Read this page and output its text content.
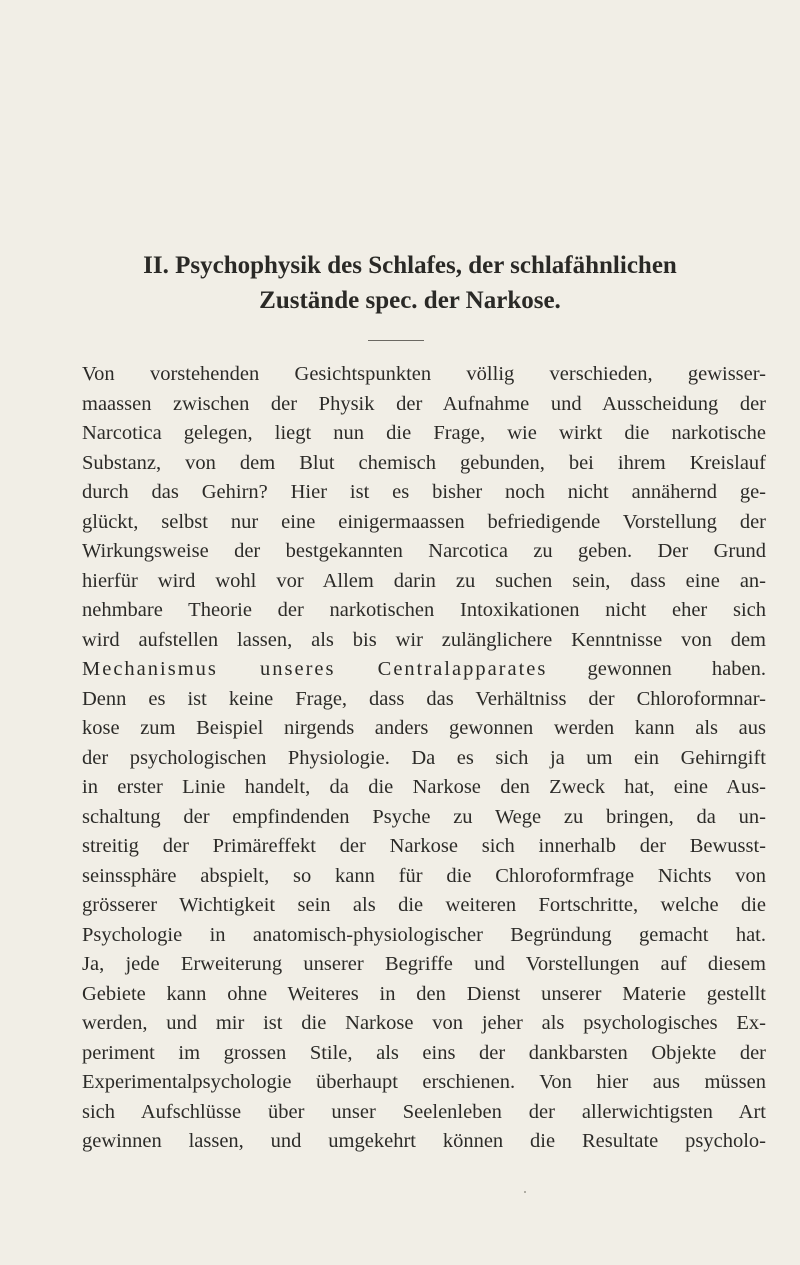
II. Psychophysik des Schlafes, der schlafähnlichen
Zustände spec. der Narkose.
Von vorstehenden Gesichtspunkten völlig verschieden, gewisser-
maassen zwischen der Physik der Aufnahme und Ausscheidung der
Narcotica gelegen, liegt nun die Frage, wie wirkt die narkotische
Substanz, von dem Blut chemisch gebunden, bei ihrem Kreislauf
durch das Gehirn? Hier ist es bisher noch nicht annähernd ge-
glückt, selbst nur eine einigermaassen befriedigende Vorstellung der
Wirkungsweise der bestgekannten Narcotica zu geben. Der Grund
hierfür wird wohl vor Allem darin zu suchen sein, dass eine an-
nehmbare Theorie der narkotischen Intoxikationen nicht eher sich
wird aufstellen lassen, als bis wir zulänglichere Kenntnisse von dem
Mechanismus unseres Centralapparates gewonnen haben.
Denn es ist keine Frage, dass das Verhältniss der Chloroformnar-
kose zum Beispiel nirgends anders gewonnen werden kann als aus
der psychologischen Physiologie. Da es sich ja um ein Gehirngift
in erster Linie handelt, da die Narkose den Zweck hat, eine Aus-
schaltung der empfindenden Psyche zu Wege zu bringen, da un-
streitig der Primäreffekt der Narkose sich innerhalb der Bewusst-
seinssphäre abspielt, so kann für die Chloroformfrage Nichts von
grösserer Wichtigkeit sein als die weiteren Fortschritte, welche die
Psychologie in anatomisch-physiologischer Begründung gemacht hat.
Ja, jede Erweiterung unserer Begriffe und Vorstellungen auf diesem
Gebiete kann ohne Weiteres in den Dienst unserer Materie gestellt
werden, und mir ist die Narkose von jeher als psychologisches Ex-
periment im grossen Stile, als eins der dankbarsten Objekte der
Experimentalpsychologie überhaupt erschienen. Von hier aus müssen
sich Aufschlüsse über unser Seelenleben der allerwichtigsten Art
gewinnen lassen, und umgekehrt können die Resultate psycholo-
